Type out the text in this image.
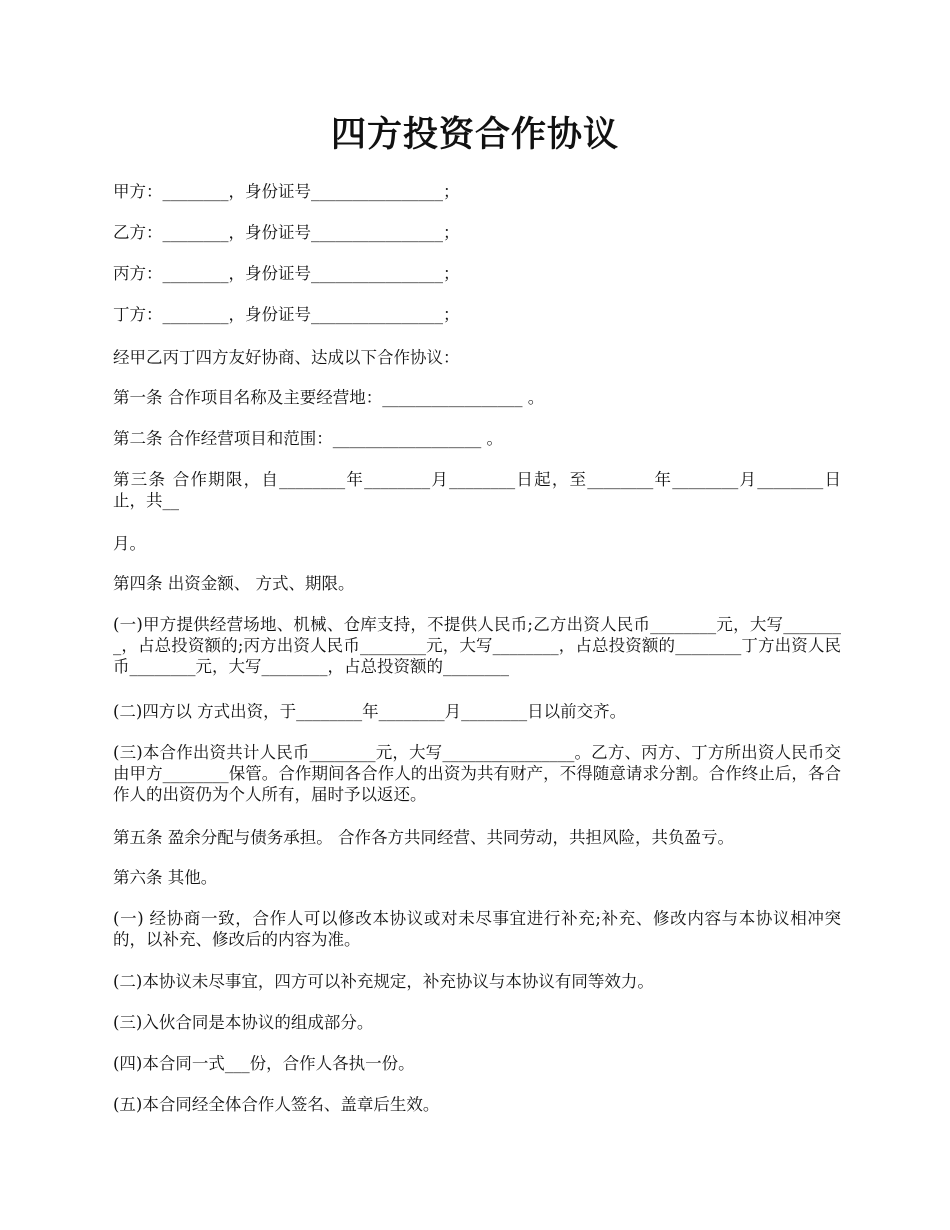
四方投资合作协议
甲方：________，身份证号________________；
乙方：________，身份证号________________；
丙方：________，身份证号________________；
丁方：________，身份证号________________；
经甲乙丙丁四方友好协商、达成以下合作协议：
第一条 合作项目名称及主要经营地：_________________ 。
第二条 合作经营项目和范围：__________________ 。
第三条 合作期限，自________年________月________日起，至________年________月________日止，共__
月。
第四条 出资金额、 方式、期限。
(一)甲方提供经营场地、机械、仓库支持，不提供人民币;乙方出资人民币________元，大写________，占总投资额的;丙方出资人民币________元，大写________，占总投资额的________丁方出资人民币________元，大写________，占总投资额的________
(二)四方以 方式出资，于________年________月________日以前交齐。
(三)本合作出资共计人民币________元，大写________________。乙方、丙方、丁方所出资人民币交由甲方________保管。合作期间各合作人的出资为共有财产，不得随意请求分割。合作终止后，各合作人的出资仍为个人所有，届时予以返还。
第五条 盈余分配与债务承担。 合作各方共同经营、共同劳动，共担风险，共负盈亏。
第六条 其他。
(一) 经协商一致，合作人可以修改本协议或对未尽事宜进行补充;补充、修改内容与本协议相冲突的，以补充、修改后的内容为准。
(二)本协议未尽事宜，四方可以补充规定，补充协议与本协议有同等效力。
(三)入伙合同是本协议的组成部分。
(四)本合同一式___份，合作人各执一份。
(五)本合同经全体合作人签名、盖章后生效。
